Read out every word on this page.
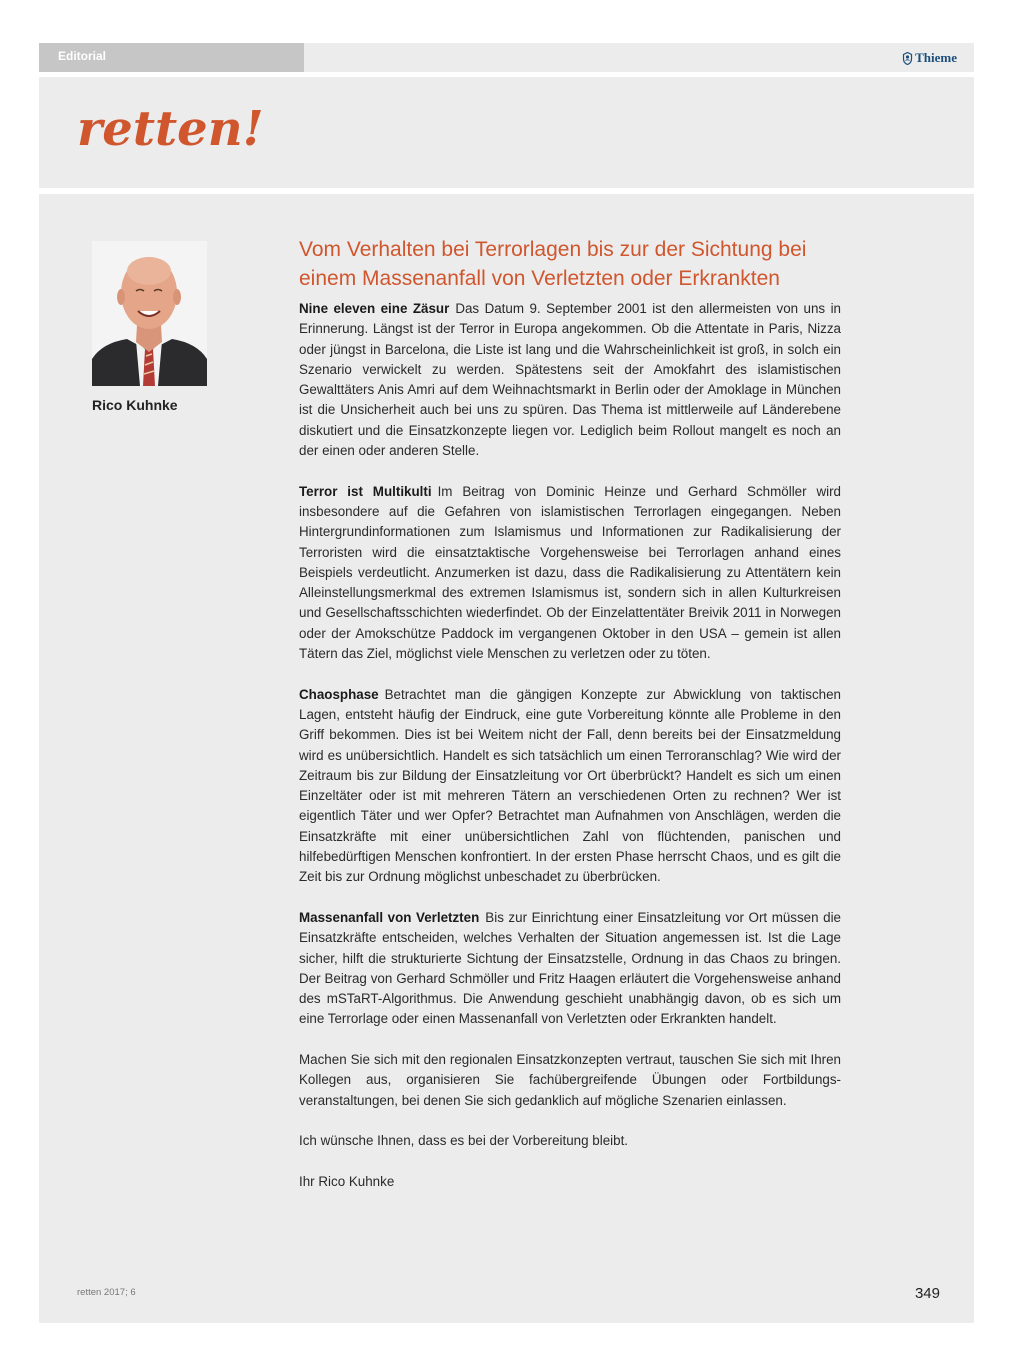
Editorial	Thieme
retten!
Rico Kuhnke
Vom Verhalten bei Terrorlagen bis zur der Sichtung bei einem Massenanfall von Verletzten oder Erkrankten

Nine eleven eine Zäsur Das Datum 9. September 2001 ist den allermeisten von uns in Erinnerung. Längst ist der Terror in Europa angekommen. Ob die Attentate in Paris, Nizza oder jüngst in Barcelona, die Liste ist lang und die Wahrscheinlichkeit ist groß, in solch ein Szenario verwickelt zu werden. Spätestens seit der Amokfahrt des islamistischen Gewalttäters Anis Amri auf dem Weihnachtsmarkt in Berlin oder der Amoklage in München ist die Unsicherheit auch bei uns zu spüren. Das Thema ist mittlerweile auf Länderebene diskutiert und die Einsatzkonzepte liegen vor. Lediglich beim Rollout mangelt es noch an der einen oder anderen Stelle.

Terror ist Multikulti Im Beitrag von Dominic Heinze und Gerhard Schmöller wird insbesondere auf die Gefahren von islamistischen Terrorlagen eingegangen. Neben Hintergrundinformationen zum Islamismus und Informationen zur Radikalisierung der Terroristen wird die einsatztaktische Vorgehensweise bei Terrorlagen anhand eines Beispiels verdeutlicht. Anzumerken ist dazu, dass die Radikalisierung zu Attentätern kein Alleinstellungsmerkmal des extremen Islamismus ist, sondern sich in allen Kulturkreisen und Gesellschaftsschichten wiederfindet. Ob der Einzelattentäter Breivik 2011 in Norwegen oder der Amokschütze Paddock im vergangenen Oktober in den USA – gemein ist allen Tätern das Ziel, möglichst viele Menschen zu verletzen oder zu töten.

Chaosphase Betrachtet man die gängigen Konzepte zur Abwicklung von taktischen Lagen, entsteht häufig der Eindruck, eine gute Vorbereitung könnte alle Probleme in den Griff bekommen. Dies ist bei Weitem nicht der Fall, denn bereits bei der Einsatzmeldung wird es unübersichtlich. Handelt es sich tatsächlich um einen Terroranschlag? Wie wird der Zeitraum bis zur Bildung der Einsatzleitung vor Ort überbrückt? Handelt es sich um einen Einzeltäter oder ist mit mehreren Tätern an verschiedenen Orten zu rechnen? Wer ist eigentlich Täter und wer Opfer? Betrachtet man Aufnahmen von Anschlägen, werden die Einsatzkräfte mit einer unübersichtlichen Zahl von flüchtenden, panischen und hilfebedürftigen Menschen konfrontiert. In der ersten Phase herrscht Chaos, und es gilt die Zeit bis zur Ordnung möglichst unbeschadet zu überbrücken.

Massenanfall von Verletzten Bis zur Einrichtung einer Einsatzleitung vor Ort müssen die Einsatzkräfte entscheiden, welches Verhalten der Situation angemessen ist. Ist die Lage sicher, hilft die strukturierte Sichtung der Einsatzstelle, Ordnung in das Chaos zu bringen. Der Beitrag von Gerhard Schmöller und Fritz Haagen erläutert die Vorgehensweise anhand des mSTaRT-Algorithmus. Die Anwendung geschieht unabhängig davon, ob es sich um eine Terrorlage oder einen Massenanfall von Verletzten oder Erkrankten handelt.

Machen Sie sich mit den regionalen Einsatzkonzepten vertraut, tauschen Sie sich mit Ihren Kollegen aus, organisieren Sie fachübergreifende Übungen oder Fortbildungsveranstaltungen, bei denen Sie sich gedanklich auf mögliche Szenarien einlassen.

Ich wünsche Ihnen, dass es bei der Vorbereitung bleibt.

Ihr Rico Kuhnke

retten 2017; 6	349
